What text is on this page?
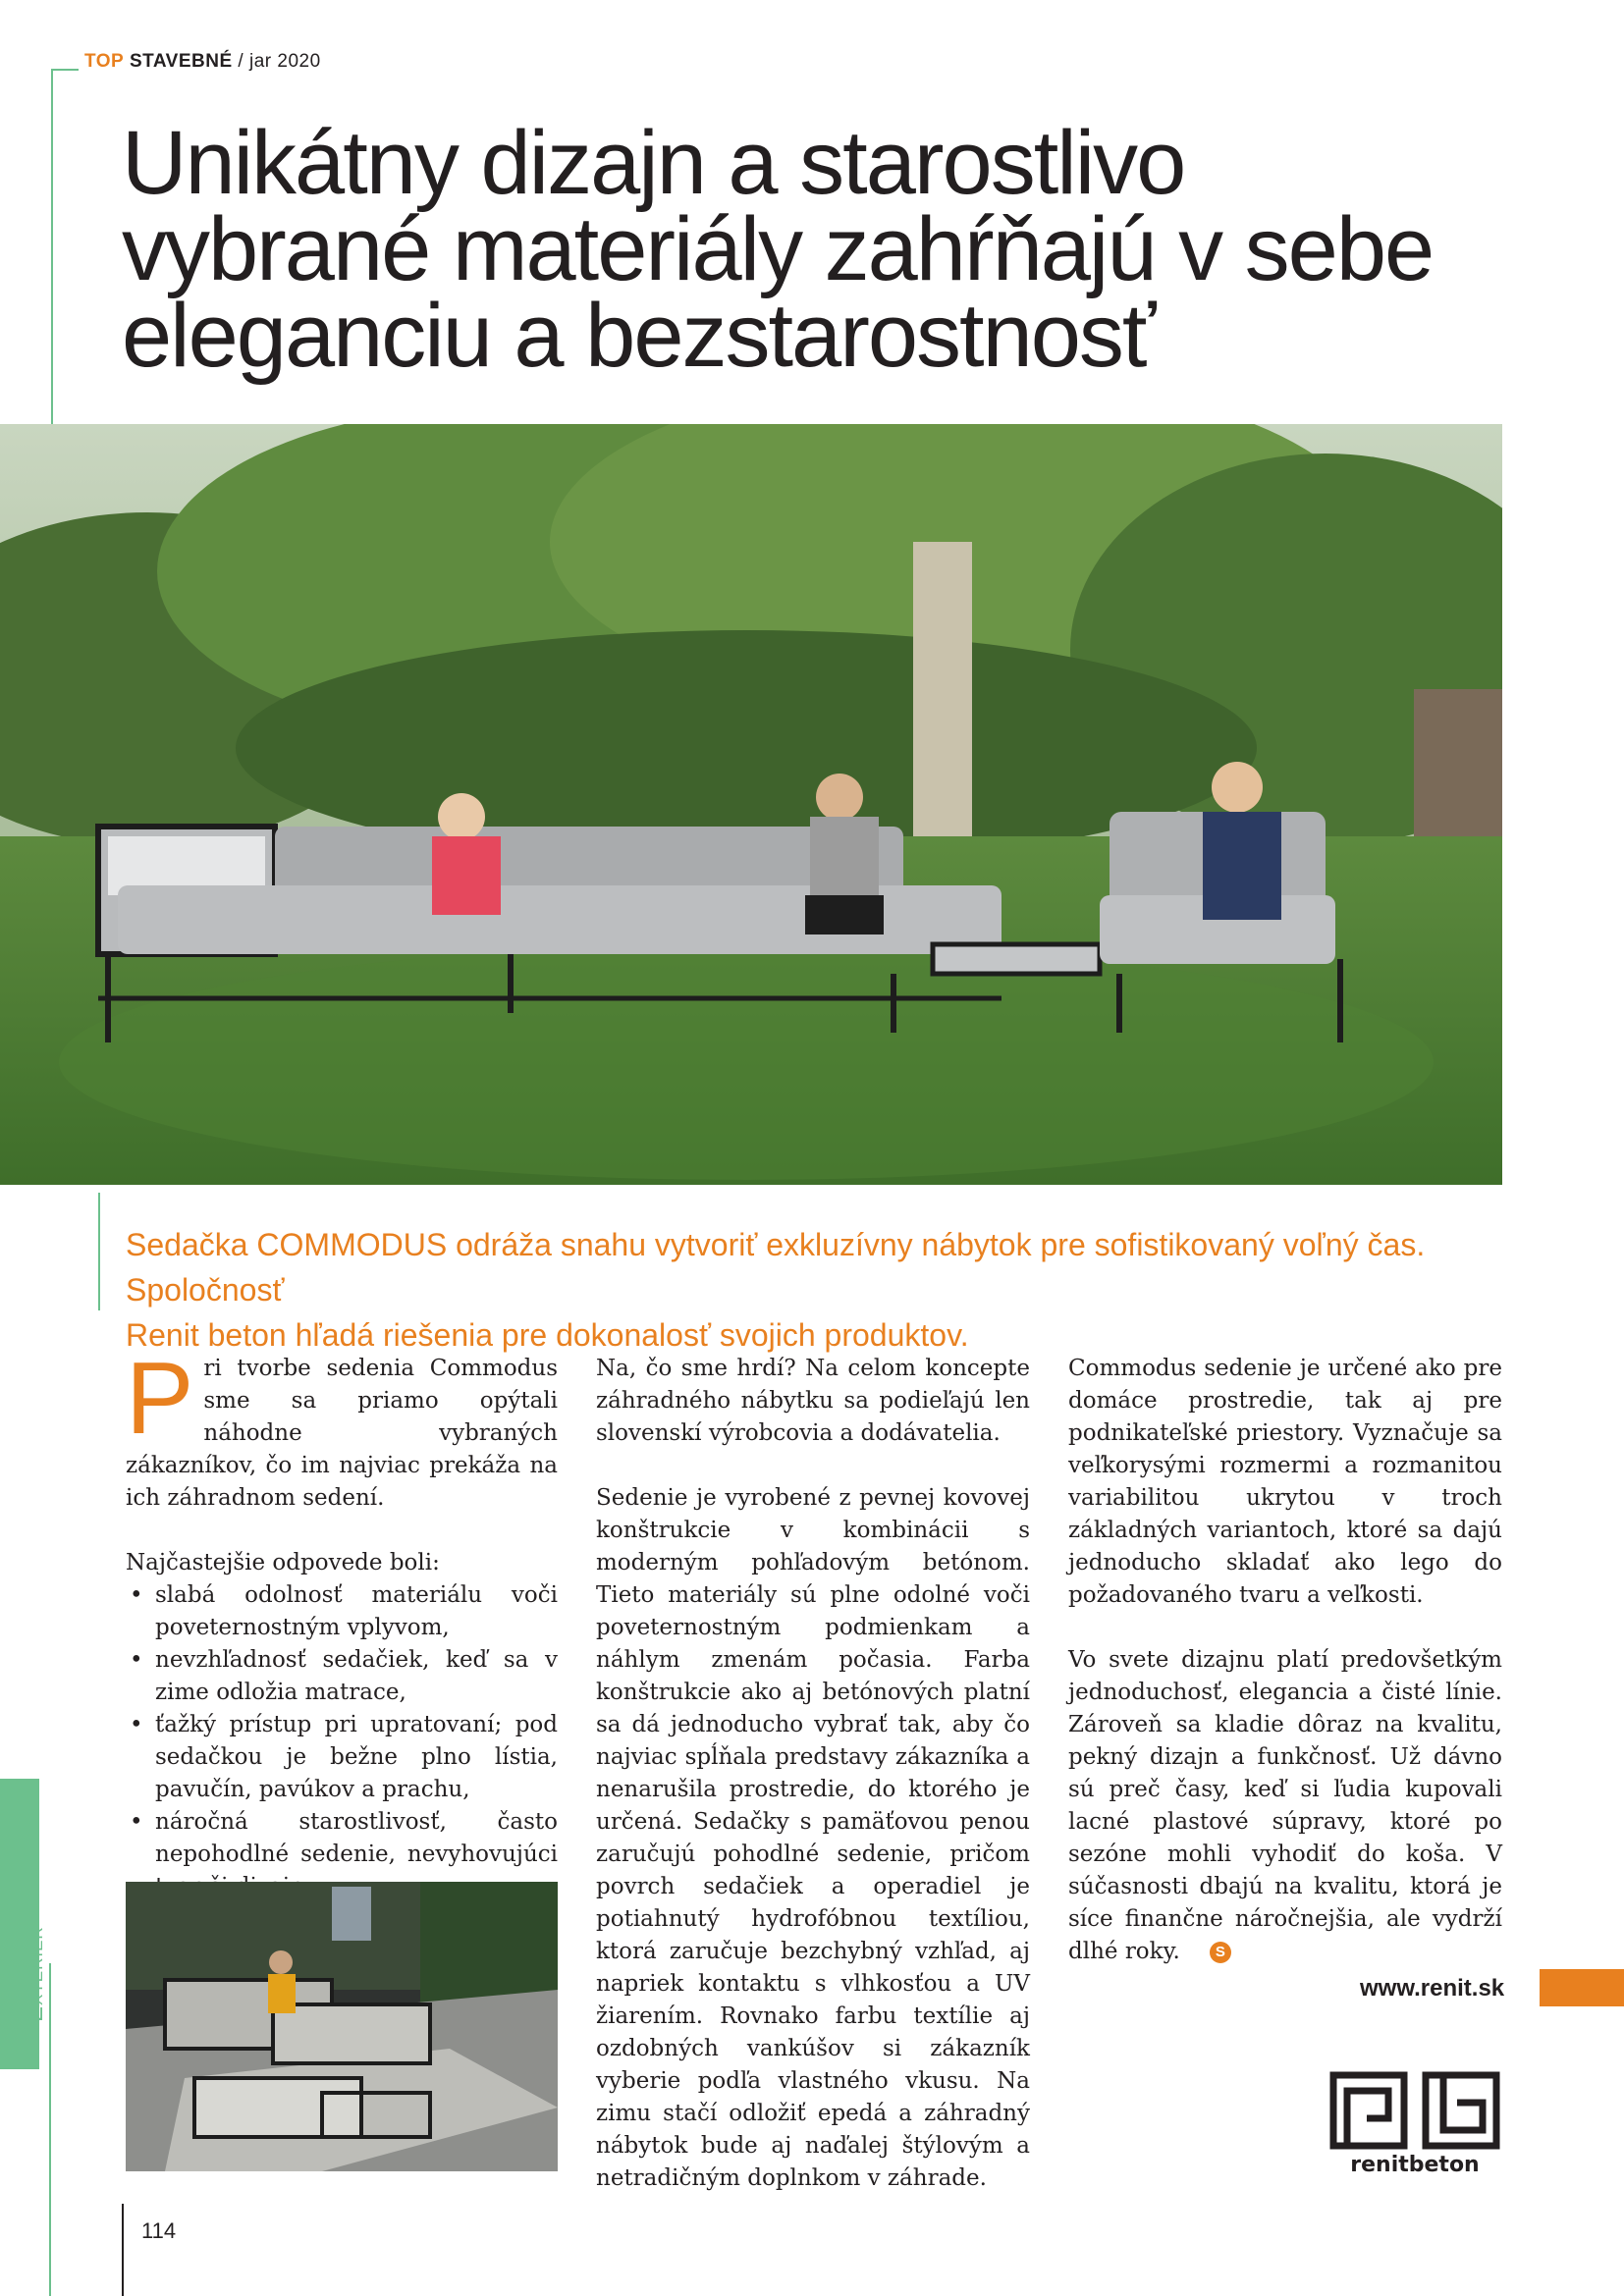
TOP STAVEBNÉ / jar 2020
Unikátny dizajn a starostlivo
vybrané materiály zahŕňajú v sebe
eleganciu a bezstarostnosť
Sedačka COMMODUS odráža snahu vytvoriť exkluzívny nábytok pre sofistikovaný voľný čas. Spoločnosť
Renit beton hľadá riešenia pre dokonalosť svojich produktov.

Pri tvorbe sedenia Commodus sme sa priamo opýtali náhodne vybraných zákazníkov, čo im najviac prekáža na ich záhradnom sedení.

Najčastejšie odpovede boli:
• slabá odolnosť materiálu voči poveternostným vplyvom,
• nevzhľadnosť sedačiek, keď sa v zime odložia matrace,
• ťažký prístup pri upratovaní; pod sedačkou je bežne plno lístia, pavučín, pavúkov a prachu,
• náročná starostlivosť, často nepohodlné sedenie, nevyhovujúci

Na, čo sme hrdí? Na celom koncepte záhradného nábytku sa podieľajú len slovenskí výrobcovia a dodávatelia.

Sedenie je vyrobené z pevnej kovovej konštrukcie v kombinácii s moderným pohľadovým betónom. Tieto materiály sú plne odolné voči poveternostným podmienkam a náhlym zmenám počasia. Farba konštrukcie ako aj betónových platní sa dá jednoducho vybrať tak, aby čo najviac spĺňala predstavy zákazníka a nenarušila prostredie, do ktorého je určená. Sedačky s pamäťovou penou zaručujú pohodlné sedenie, pričom povrch sedačiek a operadiel je potiahnutý hydrofóbnou textíliou, ktorá zaručuje bezchybný vzhľad, aj napriek kontaktu s vlhkosťou a UV žiarením. Rovnako farbu textílie aj ozdobných vankúšov si zákazník vyberie podľa vlastného vkusu. Na zimu stačí odložiť epedá a záhradný nábytok bude aj naďalej štýlovým a netradičným doplnkom v záhrade.

Commodus sedenie je určené ako pre domáce prostredie, tak aj pre podnikateľské priestory. Vyznačuje sa veľkorysými rozmermi a rozmanitou variabilitou ukrytou v troch základných variantoch, ktoré sa dajú jednoducho skladať ako lego do požadovaného tvaru a veľkosti.

Vo svete dizajnu platí predovšetkým jednoduchosť, elegancia a čisté línie. Zároveň sa kladie dôraz na kvalitu, pekný dizajn a funkčnosť. Už dávno sú preč časy, keď si ľudia kupovali lacné plastové súpravy, ktoré po sezóne mohli vyhodiť do koša. V súčasnosti dbajú na kvalitu, ktorá je síce finančne náročnejšia, ale vydrží dlhé roky. S

Exteriér	www.renit.sk
renitbeton
114
